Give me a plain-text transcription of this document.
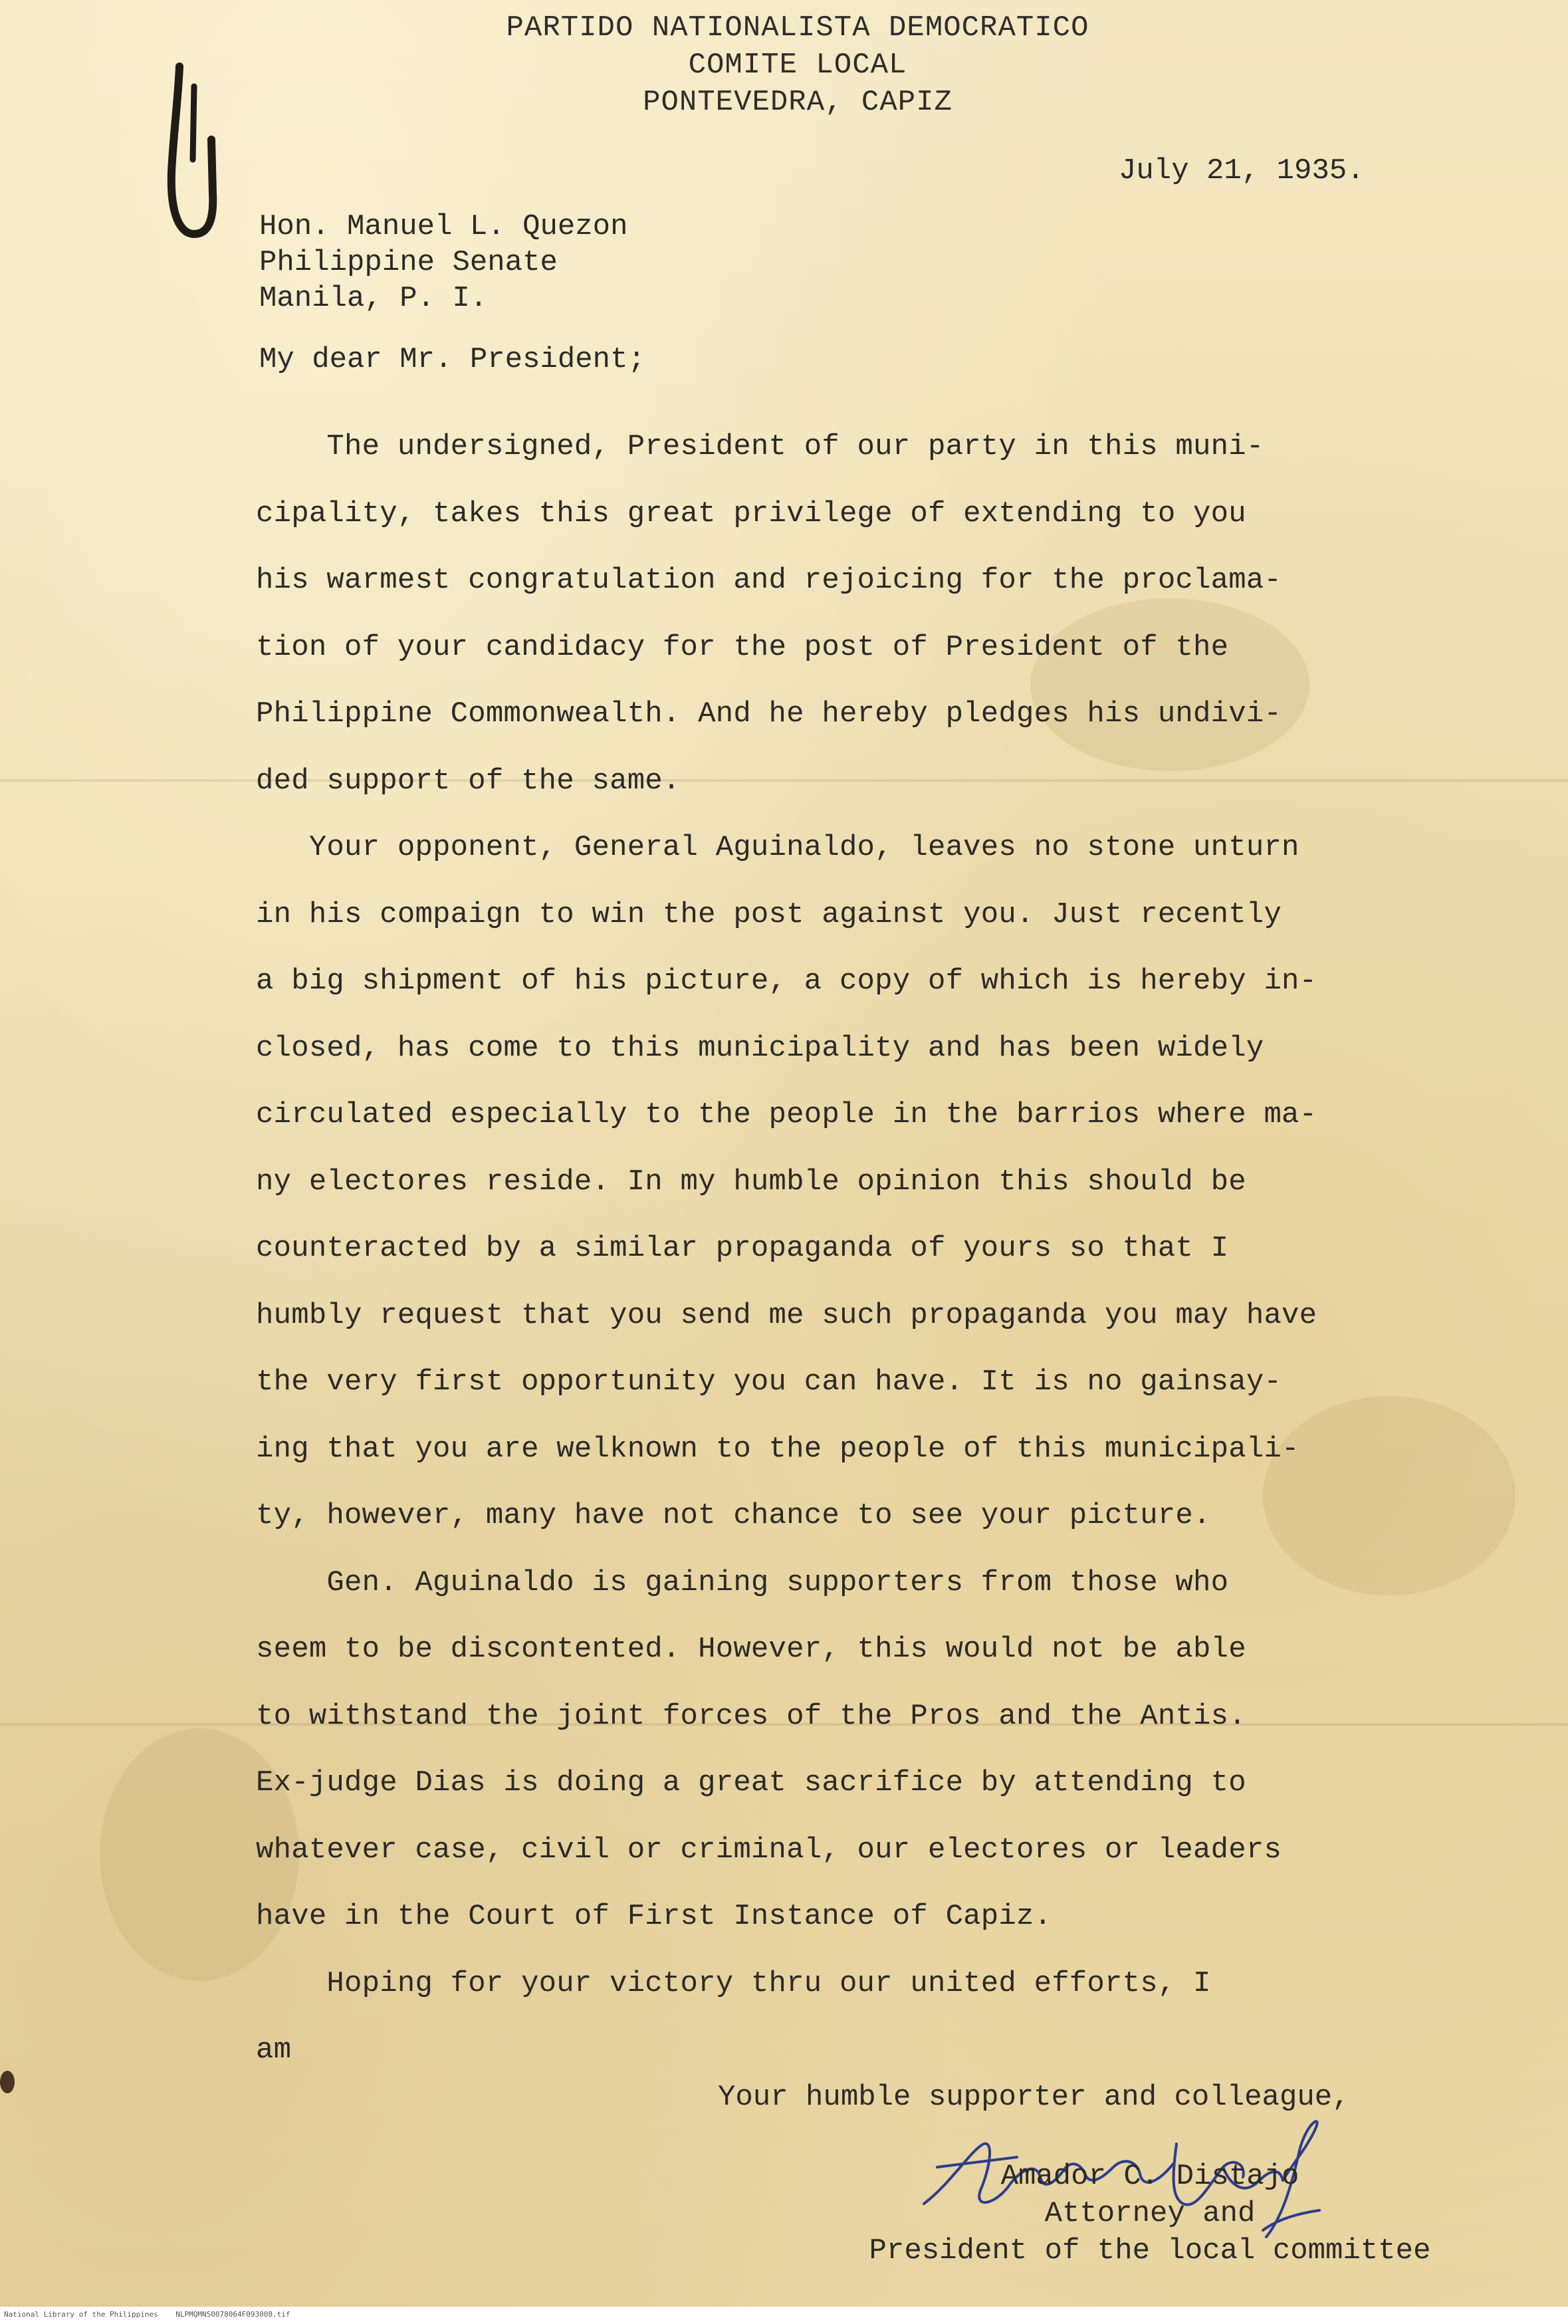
PARTIDO NATIONALISTA DEMOCRATICO
COMITE LOCAL
PONTEVEDRA, CAPIZ
July 21, 1935.
Hon. Manuel L. Quezon
Philippine Senate
Manila, P. I.
My dear Mr. President;
The undersigned, President of our party in this muni-
cipality, takes this great privilege of extending to you
his warmest congratulation and rejoicing for the proclama-
tion of your candidacy for the post of President of the
Philippine Commonwealth. And he hereby pledges his undivi-
ded support of the same.
Your opponent, General Aguinaldo, leaves no stone unturn
in his compaign to win the post against you. Just recently
a big shipment of his picture, a copy of which is hereby in-
closed, has come to this municipality and has been widely
circulated especially to the people in the barrios where ma-
ny electores reside. In my humble opinion this should be
counteracted by a similar propaganda of yours so that I
humbly request that you send me such propaganda you may have
the very first opportunity you can have. It is no gainsay-
ing that you are welknown to the people of this municipali-
ty, however, many have not chance to see your picture.
Gen. Aguinaldo is gaining supporters from those who
seem to be discontented. However, this would not be able
to withstand the joint forces of the Pros and the Antis.
Ex-judge Dias is doing a great sacrifice by attending to
whatever case, civil or criminal, our electores or leaders
have in the Court of First Instance of Capiz.
Hoping for your victory thru our united efforts, I
am
Your humble supporter and colleague,
Amador C. Distajo
Attorney and
President of the local committee
National Library of the Philippines    NLPMQMNS0078064F093008.tif
